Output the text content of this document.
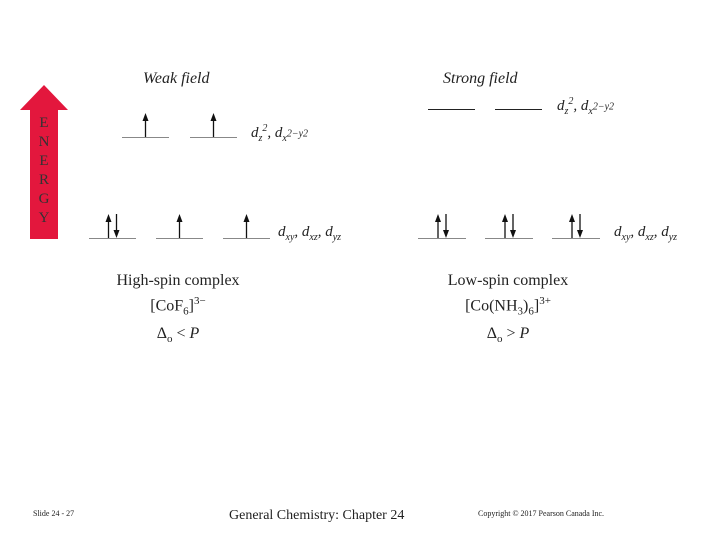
E
N
E
R
G
Y
Weak field
$d_z^2$, $d_{x^{2-y2}}$
$d_{xy}$, $d_{xz}$, $d_{yz}$
High-spin complex
$[CoF_6]^{3-}$
$\Delta_o < P$
Strong field
$d_z^2$, $d_{x^{2-y2}}$
$d_{xy}$, $d_{xz}$, $d_{yz}$
Low-spin complex
$[Co(NH_3)_6]^{3+}$
$\Delta_o > P$
Slide 24 - 27	General Chemistry: Chapter 24	Copyright © 2017 Pearson Canada Inc.
